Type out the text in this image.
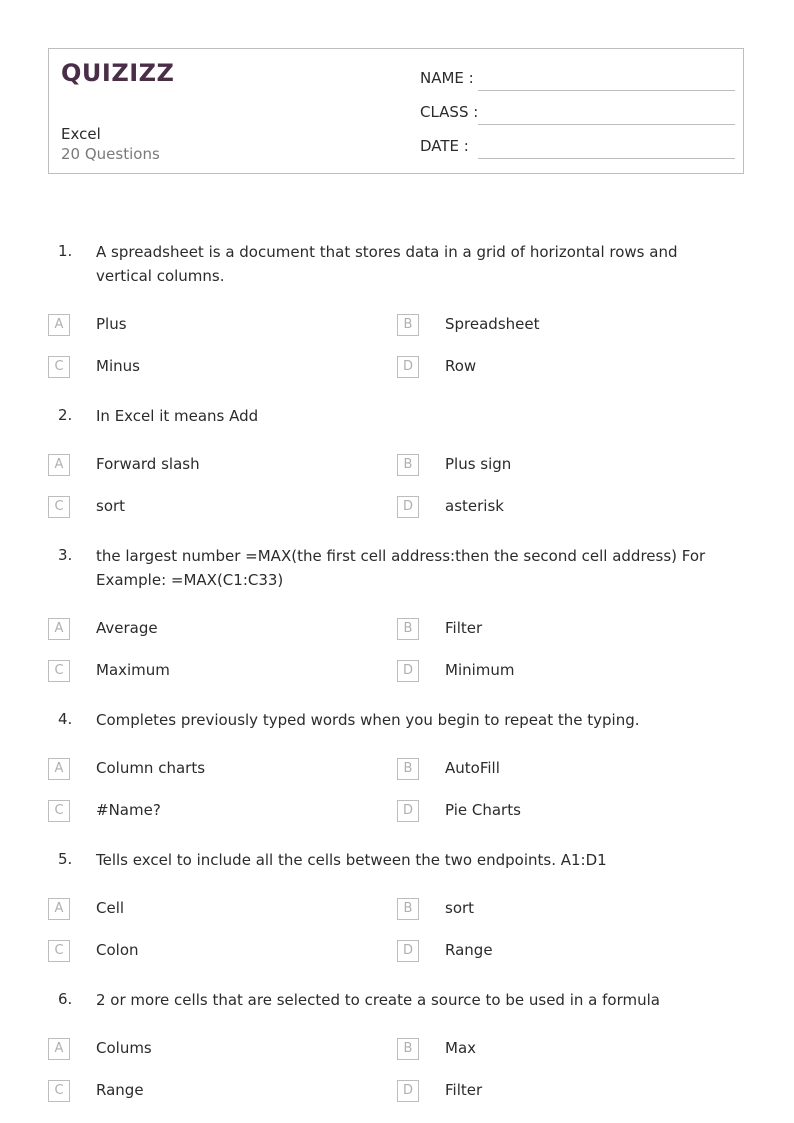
QUIZIZZ
Excel
20 Questions
NAME :
CLASS :
DATE :
1. A spreadsheet is a document that stores data in a grid of horizontal rows and vertical columns.
A	Plus	B	Spreadsheet
C	Minus	D	Row
2. In Excel it means Add
A	Forward slash	B	Plus sign
C	sort	D	asterisk
3. the largest number =MAX(the first cell address:then the second cell address) For Example: =MAX(C1:C33)
A	Average	B	Filter
C	Maximum	D	Minimum
4. Completes previously typed words when you begin to repeat the typing.
A	Column charts	B	AutoFill
C	#Name?	D	Pie Charts
5. Tells excel to include all the cells between the two endpoints. A1:D1
A	Cell	B	sort
C	Colon	D	Range
6. 2 or more cells that are selected to create a source to be used in a formula
A	Colums	B	Max
C	Range	D	Filter
